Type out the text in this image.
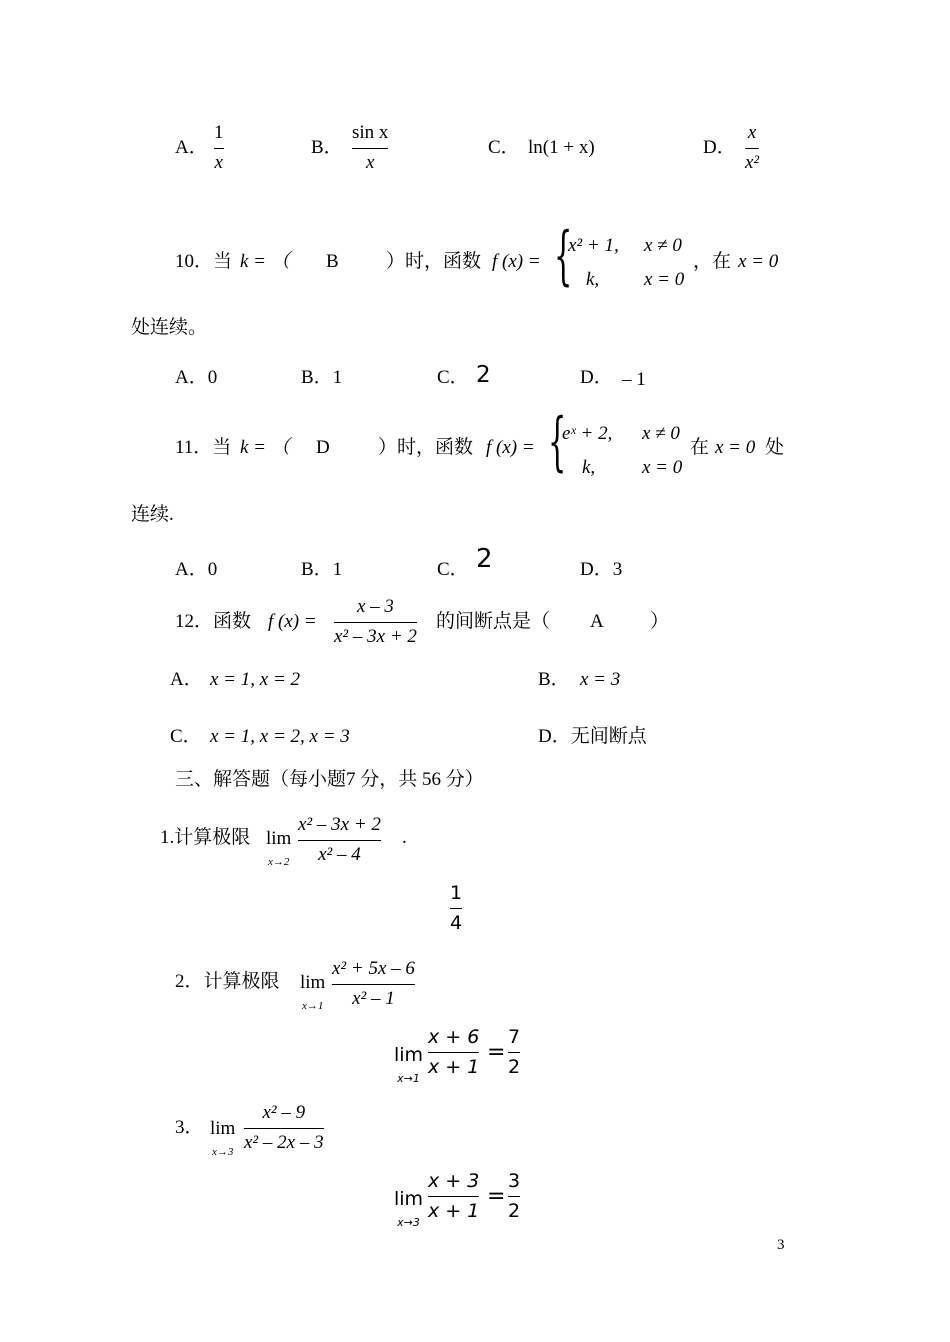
A．
1
x
B．
sin x
x
C． ln(1 + x)	D．
x
x²
10．当 k = （ B ）时，函数 f (x) = {
x² + 1, x ≠ 0
k, x = 0
，在 x = 0
处连续。
A．0	B．1	C． 2	D． – 1
11．当 k = （ D	）时，函数 f (x) = {
eˣ + 2, x ≠ 0
k, x = 0
在 x = 0 处
连续.
A．0	B．1	C． 2	D．3
12．函数 f (x) =
x – 3
x² – 3x + 2
的间断点是（ A ）
A． x = 1, x = 2	B． x = 3
C． x = 1, x = 2, x = 3	D．无间断点
三、解答题（每小题7 分，共 56 分）
1.计算极限 lim
x→2
x² – 3x + 2
x² – 4
.
1
4
2．计算极限 lim
x→1
x² + 5x – 6
x² – 1
lim
x→1
x + 6
x + 1
=
7
2
3． lim
x→3
x² – 9
x² – 2x – 3
lim
x→3
x + 3
x + 1
=
3
2
3
